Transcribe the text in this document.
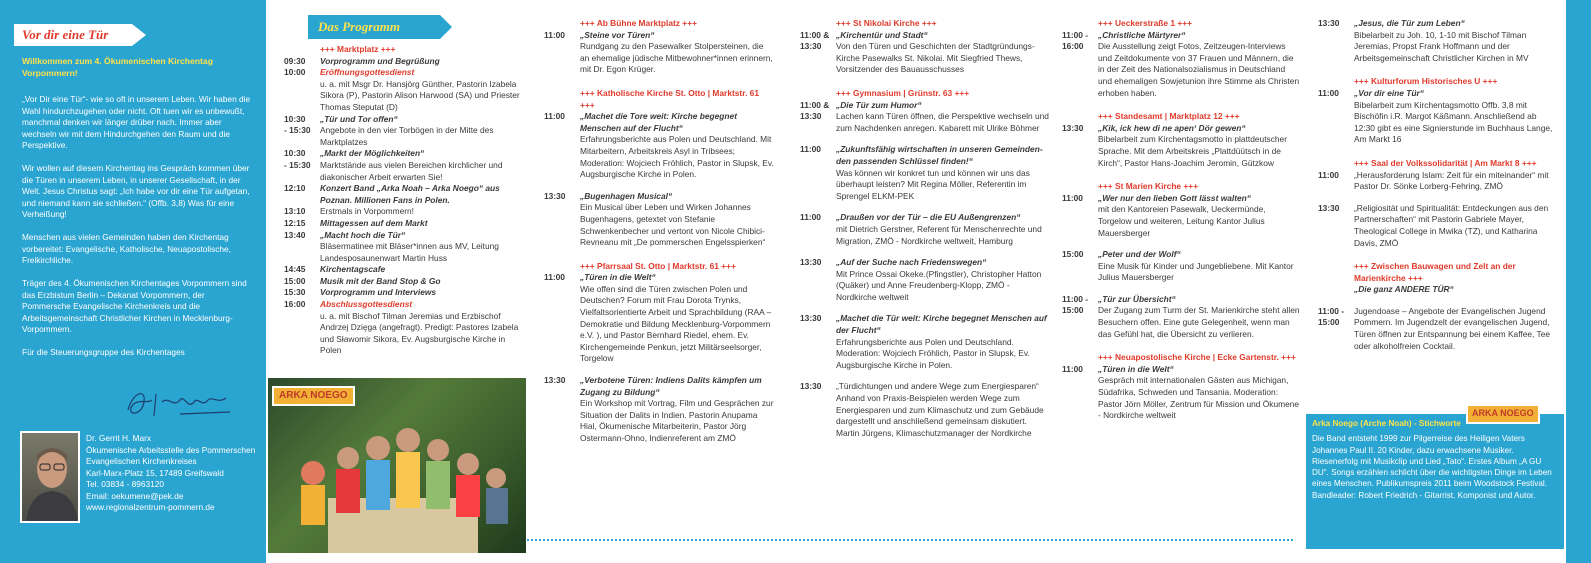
Vor dir eine Tür
Willkommen zum 4. Ökumenischen Kirchentag Vorpommern!

„Vor Dir eine Tür“- wie so oft in unserem Leben. Wir haben die Wahl hindurchzugehen oder nicht. Oft tuen wir es unbewußt, manchmal denken wir länger drüber nach. Immer aber wechseln wir mit dem Hindurchgehen den Raum und die Perspektive.

Wir wollen auf diesem Kirchentag ins Gespräch kommen über die Türen in unserem Leben, in unserer Gesellschaft, in der Welt. Jesus Christus sagt: „Ich habe vor dir eine Tür aufgetan, und niemand kann sie schließen.“ (Offb. 3,8) Was für eine Verheißung!

Menschen aus vielen Gemeinden haben den Kirchentag vorbereitet: Evangelische, Katholische, Neuapostolische, Freikirchliche.

Träger des 4. Ökumenischen Kirchentages Vorpommern sind das Erzbistum Berlin – Dekanat Vorpommern, der Pommersche Evangelische Kirchenkreis und die Arbeitsgemeinschaft Christlicher Kirchen in Mecklenburg-Vorpommern.

Für die Steuerungsgruppe des Kirchentages

Dr. Gerrit H. Marx
Ökumenische Arbeitsstelle des Pommerschen Evangelischen Kirchenkreises
Karl-Marx-Platz 15, 17489 Greifswald
Tel. 03834 - 8963120
Email: oekumene@pek.de
www.regionalzentrum-pommern.de
Das Programm
+++ Marktplatz +++
09:30	Vorprogramm und Begrüßung
10:00	Eröffnungsgottesdienst
u. a. mit Msgr Dr. Hansjörg Günther, Pastorin Izabela Sikora (P), Pastorin Alison Harwood (SA) und Priester Thomas Steputat (D)
10:30	„Tür und Tor offen“
- 15:30	Angebote in den vier Torbögen in der Mitte des Marktplatzes
10:30	„Markt der Möglichkeiten“
- 15:30	Marktstände aus vielen Bereichen kirchlicher und diakonischer Arbeit erwarten Sie!
12:10	Konzert Band „Arka Noah – Arka Noego“ aus Poznan. Millionen Fans in Polen.
13:10	Erstmals in Vorpommern!
12:15	Mittagessen auf dem Markt
13:40	„Macht hoch die Tür“
Bläsermatinee mit Bläser*innen aus MV, Leitung Landesposaunenwart Martin Huss
14:45	Kirchentagscafe
15:00	Musik mit der Band Stop & Go
15:30	Vorprogramm und Interviews
16:00	Abschlussgottesdienst
u. a. mit Bischof Tilman Jeremias und Erzbischof Andrzej Dzięga (angefragt). Predigt: Pastores Izabela und Sławomir Sikora, Ev. Augsburgische Kirche in Polen
+++ Ab Bühne Marktplatz +++
11:00	„Steine vor Türen“
Rundgang zu den Pasewalker Stolpersteinen, die an ehemalige jüdische Mitbewohner*innen erinnern, mit Dr. Egon Krüger.
+++ Katholische Kirche St. Otto | Marktstr. 61 +++
11:00	„Machet die Tore weit: Kirche begegnet Menschen auf der Flucht“
Erfahrungsberichte aus Polen und Deutschland. Mit Mitarbeitern, Arbeitskreis Asyl in Tribsees; Moderation: Wojciech Fröhlich, Pastor in Slupsk, Ev. Augsburgische Kirche in Polen.
13:30	„Bugenhagen Musical“
Ein Musical über Leben und Wirken Johannes Bugenhagens, getextet von Stefanie Schwenkenbecher und vertont von Nicole Chibici-Revneanu mit „De pommerschen Engelsspierken“
+++ Pfarrsaal St. Otto | Marktstr. 61 +++
11:00	„Türen in die Welt“
Wie offen sind die Türen zwischen Polen und Deutschen? Forum mit Frau Dorota Trynks, Vielfaltsorientierte Arbeit und Sprachbildung (RAA – Demokratie und Bildung Mecklenburg-Vorpommern e.V. ), und Pastor Bernhard Riedel, ehem. Ev. Kirchengemeinde Penkun, jetzt Militärseelsorger, Torgelow
13:30	„Verbotene Türen: Indiens Dalits kämpfen um Zugang zu Bildung“
Ein Workshop mit Vortrag, Film und Gesprächen zur Situation der Dalits in Indien. Pastorin Anupama Hial, Ökumenische Mitarbeiterin, Pastor Jörg Ostermann-Ohno, Indienreferent am ZMÖ
+++ St Nikolai Kirche +++
11:00 & 13:30
„Kirchentür und Stadt“
Von den Türen und Geschichten der Stadtgründungs-Kirche Pasewalks St. Nikolai. Mit Siegfried Thews, Vorsitzender des Bauausschusses
+++ Gymnasium | Grünstr. 63 +++
11:00 & 13:30
„Die Tür zum Humor“
Lachen kann Türen öffnen, die Perspektive wechseln und zum Nachdenken anregen. Kabarett mit Ulrike Böhmer
11:00	„Zukunftsfähig wirtschaften in unseren Gemeinden- den passenden Schlüssel finden!“
Was können wir konkret tun und können wir uns das überhaupt leisten? Mit Regina Möller, Referentin im Sprengel ELKM-PEK
11:00	„Draußen vor der Tür – die EU Außengrenzen“
mit Dietrich Gerstner, Referent für Menschenrechte und Migration, ZMÖ - Nordkirche weltweit, Hamburg
13:30	„Auf der Suche nach Friedenswegen“
Mit Prince Ossai Okeke.(Pfingstler), Christopher Hatton (Quäker) und Anne Freudenberg-Klopp, ZMÖ - Nordkirche weltweit
13:30	„Machet die Tür weit: Kirche begegnet Menschen auf der Flucht“
Erfahrungsberichte aus Polen und Deutschland. Moderation: Wojciech Fröhlich, Pastor in Slupsk, Ev. Augsburgische Kirche in Polen.
13:30	„Türdichtungen und andere Wege zum Energiesparen“ Anhand von Praxis-Beispielen werden Wege zum Energiesparen und zum Klimaschutz und zum Gebäude dargestellt und anschließend gemeinsam diskutiert. Martin Jürgens, Klimaschutzmanager der Nordkirche
+++ Ueckerstraße 1 +++
11:00 - 16:00
„Christliche Märtyrer“
Die Ausstellung zeigt Fotos, Zeitzeugen-Interviews und Zeitdokumente von 37 Frauen und Männern, die in der Zeit des Nationalsozialismus in Deutschland und ehemaligen Sowjetunion ihre Stimme als Christen erhoben haben.
+++ Standesamt | Marktplatz 12 +++
13:30	„Kik, ick hew di ne apen‘ Dör gewen“
Bibelarbeit zum Kirchentagsmotto in plattdeutscher Sprache. Mit dem Arbeitskreis „Plattdüütsch in de Kirch“, Pastor Hans-Joachim Jeromin, Gützkow
+++ St Marien Kirche +++
11:00	„Wer nur den lieben Gott lässt walten“
mit den Kantoreien Pasewalk, Ueckermünde, Torgelow und weiteren, Leitung Kantor Julius Mauersberger
15:00	„Peter und der Wolf“
Eine Musik für Kinder und Jungebliebene. Mit Kantor Julius Mauersberger
11:00 - 15:00
„Tür zur Übersicht“
Der Zugang zum Turm der St. Marienkirche steht allen Besuchern offen. Eine gute Gelegenheit, wenn man das Gefühl hat, die Übersicht zu verlieren.
+++ Neuapostolische Kirche | Ecke Gartenstr. +++
11:00	„Türen in die Welt“
Gespräch mit internationalen Gästen aus Michigan, Südafrika, Schweden und Tansania. Moderation: Pastor Jörn Möller, Zentrum für Mission und Ökumene - Nordkirche weltweit
13:30	„Jesus, die Tür zum Leben“
Bibelarbeit zu Joh. 10, 1-10 mit Bischof Tilman Jeremias, Propst Frank Hoffmann und der Arbeitsgemeinschaft Christlicher Kirchen in MV
+++ Kulturforum Historisches U +++
11:00	„Vor dir eine Tür“
Bibelarbeit zum Kirchentagsmotto Offb. 3,8 mit Bischöfin i.R. Margot Käßmann. Anschließend ab 12:30 gibt es eine Signierstunde im Buchhaus Lange, Am Markt 16
+++ Saal der Volkssolidarität | Am Markt 8 +++
11:00	„Herausforderung Islam: Zeit für ein miteinander“ mit Pastor Dr. Sönke Lorberg-Fehring, ZMÖ
13:30	„Religiosität und Spiritualität: Entdeckungen aus den Partnerschaften“ mit Pastorin Gabriele Mayer, Theological College in Mwika (TZ), und Katharina Davis, ZMÖ
+++ Zwischen Bauwagen und Zelt an der Marienkirche +++
„Die ganz ANDERE TÜR“
11:00 - 15:00
Jugendoase – Angebote der Evangelischen Jugend Pommern. Im Jugendzelt der evangelischen Jugend, Türen öffnen zur Entspannung bei einem Kaffee, Tee oder alkoholfreien Cocktail.
ARKA NOEGO
Arka Noego (Arche Noah) - Stichworte
Die Band entsteht 1999 zur Pilgerreise des Heiligen Vaters Johannes Paul II. 20 Kinder, dazu erwachsene Musiker. Riesenerfolg mit Musikclip und Lied „Tato“. Erstes Album „A GU DU“. Songs erzählen schlicht über die wichtigsten Dinge im Leben eines Menschen. Publikumspreis 2011 beim Woodstock Festival. Bandleader: Robert Friedrich - Gitarrist, Komponist und Autor.
ARKA NOEGO
